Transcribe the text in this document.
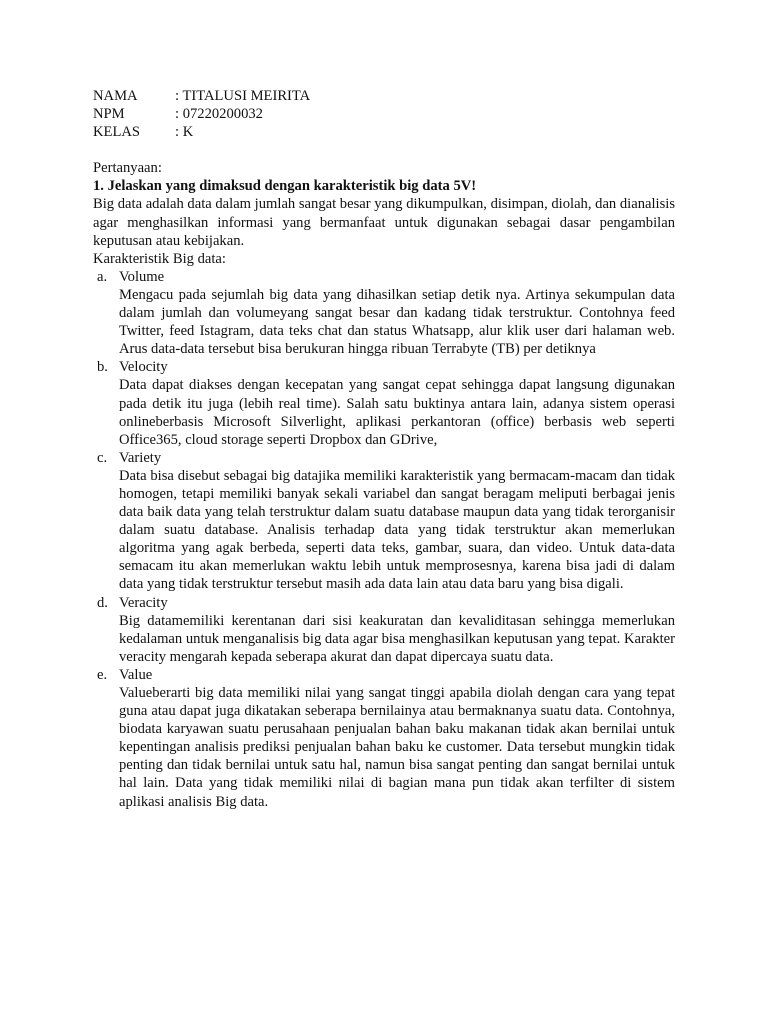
NAMA	: TITALUSI MEIRITA
NPM	: 07220200032
KELAS	: K
Pertanyaan:
1. Jelaskan yang dimaksud dengan karakteristik big data 5V!
Big data adalah data dalam jumlah sangat besar yang dikumpulkan, disimpan, diolah, dan dianalisis agar menghasilkan informasi yang bermanfaat untuk digunakan sebagai dasar pengambilan keputusan atau kebijakan.
Karakteristik Big data:
a. Volume
Mengacu pada sejumlah big data yang dihasilkan setiap detik nya. Artinya sekumpulan data dalam jumlah dan volumeyang sangat besar dan kadang tidak terstruktur. Contohnya feed Twitter, feed Istagram, data teks chat dan status Whatsapp, alur klik user dari halaman web. Arus data-data tersebut bisa berukuran hingga ribuan Terrabyte (TB) per detiknya
b. Velocity
Data dapat diakses dengan kecepatan yang sangat cepat sehingga dapat langsung digunakan pada detik itu juga (lebih real time). Salah satu buktinya antara lain, adanya sistem operasi onlineberbasis Microsoft Silverlight, aplikasi perkantoran (office) berbasis web seperti Office365, cloud storage seperti Dropbox dan GDrive,
c. Variety
Data bisa disebut sebagai big datajika memiliki karakteristik yang bermacam-macam dan tidak homogen, tetapi memiliki banyak sekali variabel dan sangat beragam meliputi berbagai jenis data baik data yang telah terstruktur dalam suatu database maupun data yang tidak terorganisir dalam suatu database. Analisis terhadap data yang tidak terstruktur akan memerlukan algoritma yang agak berbeda, seperti data teks, gambar, suara, dan video. Untuk data-data semacam itu akan memerlukan waktu lebih untuk memprosesnya, karena bisa jadi di dalam data yang tidak terstruktur tersebut masih ada data lain atau data baru yang bisa digali.
d. Veracity
Big datamemiliki kerentanan dari sisi keakuratan dan kevaliditasan sehingga memerlukan kedalaman untuk menganalisis big data agar bisa menghasilkan keputusan yang tepat. Karakter veracity mengarah kepada seberapa akurat dan dapat dipercaya suatu data.
e. Value
Valueberarti big data memiliki nilai yang sangat tinggi apabila diolah dengan cara yang tepat guna atau dapat juga dikatakan seberapa bernilainya atau bermaknanya suatu data. Contohnya, biodata karyawan suatu perusahaan penjualan bahan baku makanan tidak akan bernilai untuk kepentingan analisis prediksi penjualan bahan baku ke customer. Data tersebut mungkin tidak penting dan tidak bernilai untuk satu hal, namun bisa sangat penting dan sangat bernilai untuk hal lain. Data yang tidak memiliki nilai di bagian mana pun tidak akan terfilter di sistem aplikasi analisis Big data.
